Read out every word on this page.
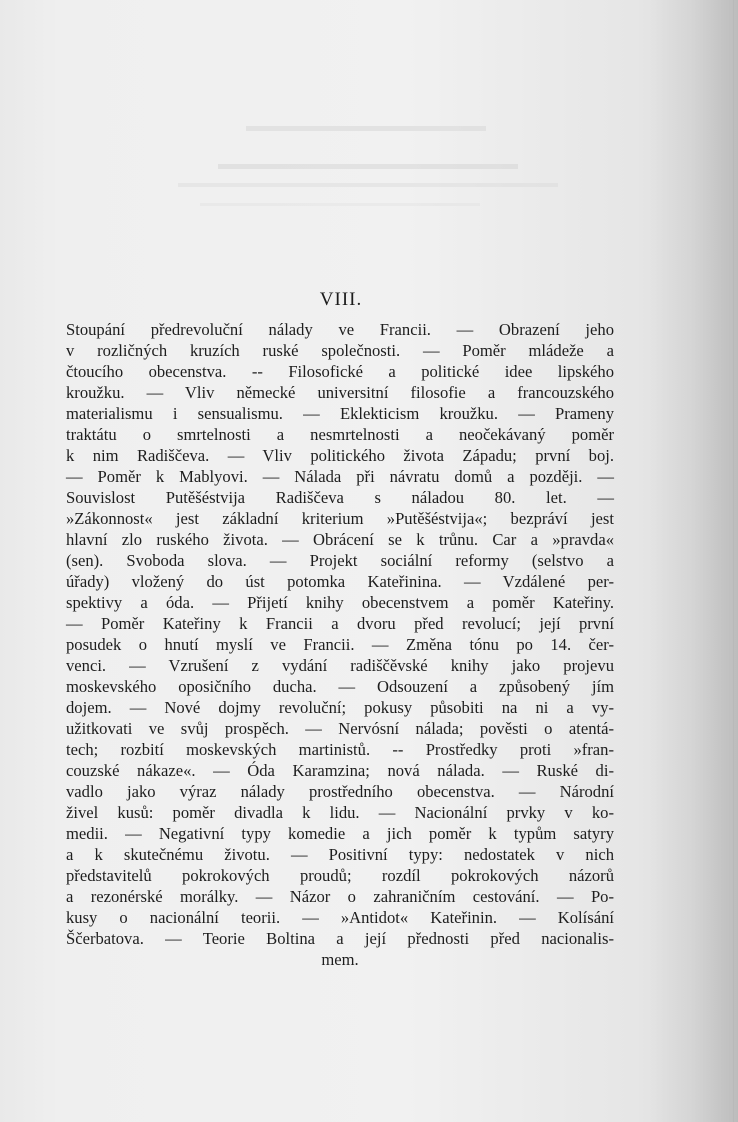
VIII.
Stoupání předrevoluční nálady ve Francii. — Obrazení jeho
v rozličných kruzích ruské společnosti. — Poměr mládeže a
čtoucího obecenstva. -- Filosofické a politické idee lipského
kroužku. — Vliv německé universitní filosofie a francouzského
materialismu i sensualismu. — Eklekticism kroužku. — Prameny
traktátu o smrtelnosti a nesmrtelnosti a neočekávaný poměr
k nim Radiščeva. — Vliv politického života Západu; první boj.
— Poměr k Mablyovi. — Nálada při návratu domů a později. —
Souvislost Putěšéstvija Radiščeva s náladou 80. let. —
»Zákonnost« jest základní kriterium »Putěšéstvija«; bezpráví jest
hlavní zlo ruského života. — Obrácení se k trůnu. Car a »pravda«
(sen). Svoboda slova. — Projekt sociální reformy (selstvo a
úřady) vložený do úst potomka Kateřinina. — Vzdálené per-
spektivy a óda. — Přijetí knihy obecenstvem a poměr Kateřiny.
— Poměr Kateřiny k Francii a dvoru před revolucí; její první
posudek o hnutí myslí ve Francii. — Změna tónu po 14. čer-
venci. — Vzrušení z vydání radiščěvské knihy jako projevu
moskevského oposičního ducha. — Odsouzení a způsobený jím
dojem. — Nové dojmy revoluční; pokusy působiti na ni a vy-
užitkovati ve svůj prospěch. — Nervósní nálada; pověsti o atentá-
tech; rozbití moskevských martinistů. -- Prostředky proti »fran-
couzské nákaze«. — Óda Karamzina; nová nálada. — Ruské di-
vadlo jako výraz nálady prostředního obecenstva. — Národní
živel kusů: poměr divadla k lidu. — Nacionální prvky v ko-
medii. — Negativní typy komedie a jich poměr k typům satyry
a k skutečnému životu. — Positivní typy: nedostatek v nich
představitelů pokrokových proudů; rozdíl pokrokových názorů
a rezonérské morálky. — Názor o zahraničním cestování. — Po-
kusy o nacionální teorii. — »Antidot« Kateřinin. — Kolísání
Ščerbatova. — Teorie Boltina a její přednosti před nacionalis-
mem.
